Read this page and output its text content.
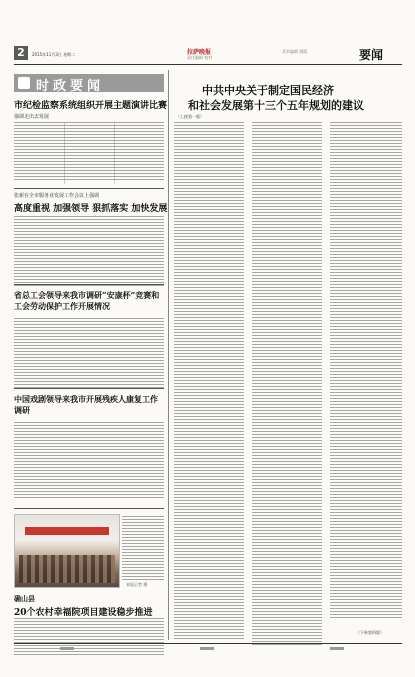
2	2015年11月3日 星期二	拉萨晚报
责任编辑 校对
美术编辑 排版	要闻
时政要闻
市纪检监察系统组织开展主题演讲比赛
强调走出去发展
张新在全市服务业发展工作会议上强调
高度重视 加强领导 狠抓落实 加快发展
省总工会领导来我市调研“安康杯”竞赛和工会劳动保护工作开展情况
中国戏剧领导来我市开展残疾人康复工作调研
本报记者 摄
确山县
20个农村幸福院项目建设稳步推进
中共中央关于制定国民经济
和社会发展第十三个五年规划的建议
（上接第一版）
（下转第四版）
